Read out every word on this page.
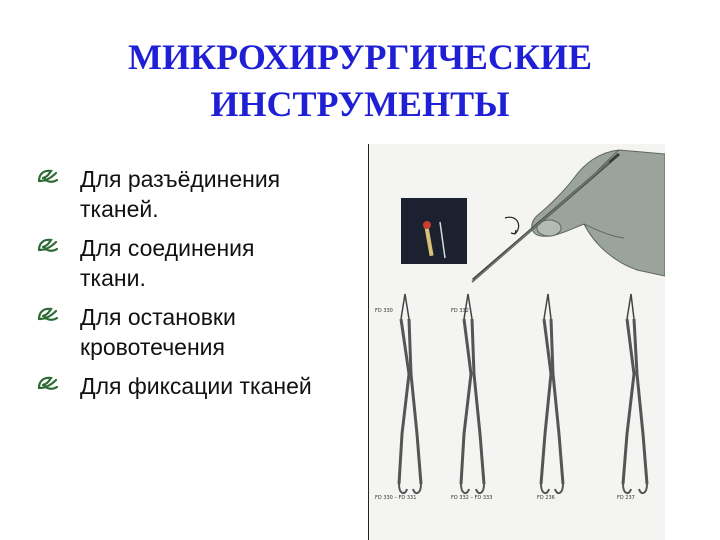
МИКРОХИРУРГИЧЕСКИЕ
ИНСТРУМЕНТЫ
Для разъёдинения
тканей.
Для соединения
ткани.
Для остановки
кровотечения
Для фиксации тканей
FD 330
FD 330 – FD 331
FD 332
FD 332 – FD 333	FD 236	FD 237
